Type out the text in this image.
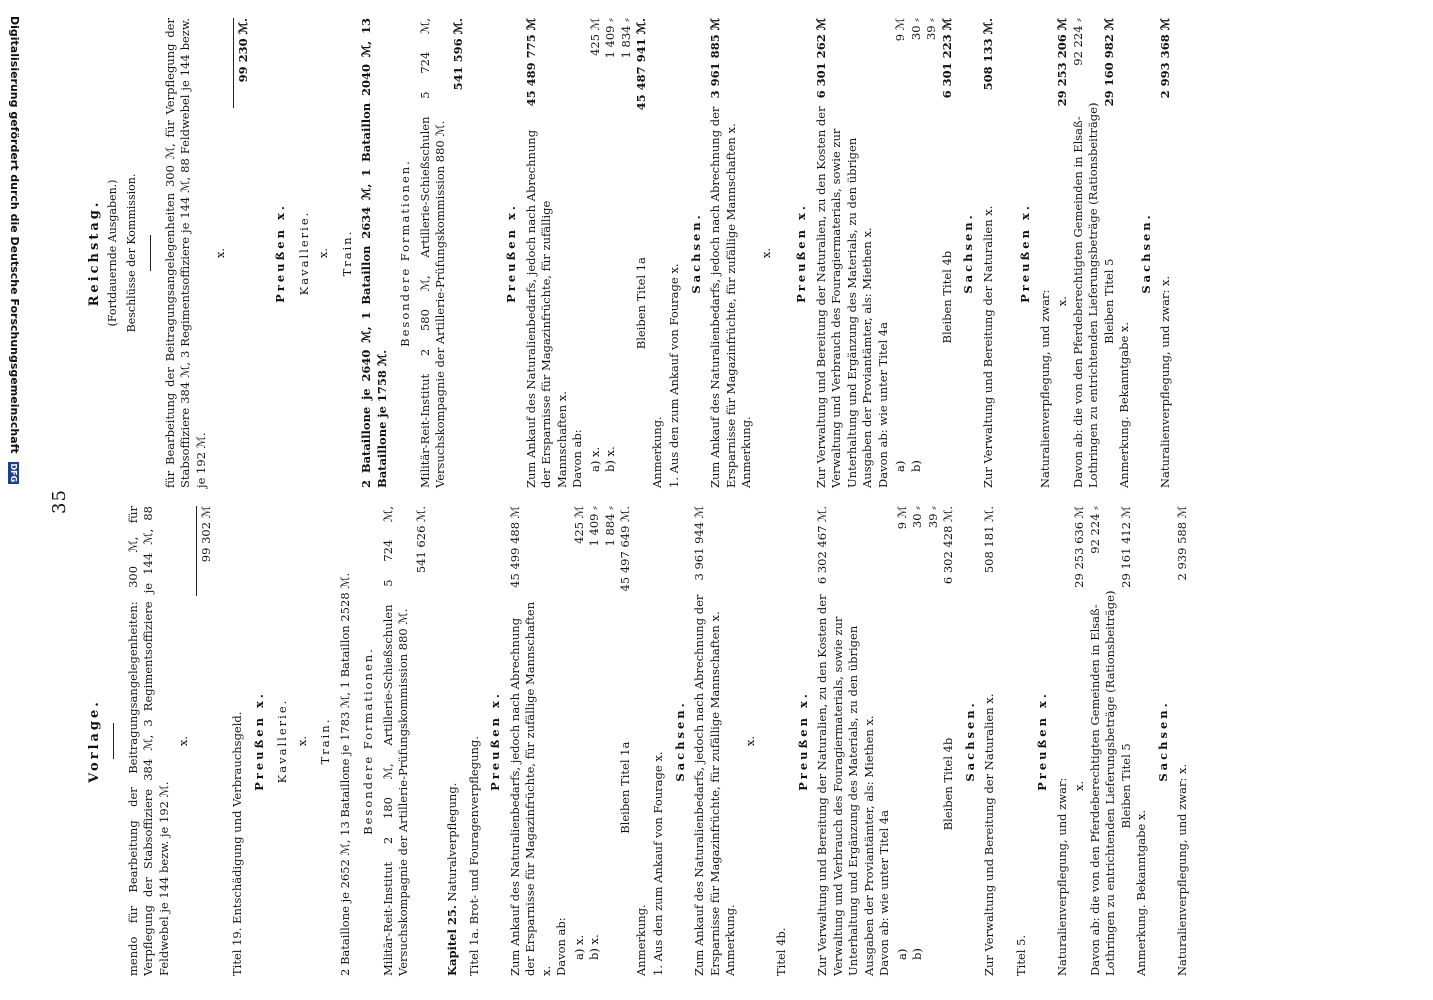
35
Vorlage. mendo für Bearbeitung der Beitragungsangelegenheiten: 300 ℳ, für Verpflegung der Stabsoffiziere 384 ℳ, 3 Regimentsoffiziere je 144 ℳ, 88 Feldwebel je 144 bezw. je 192 ℳ.

x.
99 302 ℳ
Titel 19. Entschädigung und Verbrauchsgeld. Preußen x. Kavallerie. x. Train. 2 Bataillone je 2652 ℳ, 13 Bataillone je 1783 ℳ, 1 Bataillon 2528 ℳ. Besondere Formationen. Militär-Reit-Institut 2 180 ℳ, Artillerie-Schießschulen 5 724 ℳ, Versuchskompagnie der Artillerie-Prüfungskommission 880 ℳ.

541 626 ℳ.
Kapitel 25. Naturalverpflegung. Titel 1a. Brot- und Fouragenverpflegung. Preußen x. Zum Ankauf des Naturalienbedarfs, jedoch nach Abrechnung der Ersparnisse für Magazinfrüchte, für zufällige Mannschaften x.
45 499 488 ℳ
Davon ab: a) x.
425 ℳ
b) x.
1 409 ⸗ 1 884 ⸗
Bleiben Titel 1a
45 497 649 ℳ.
Anmerkung. 1. Aus den zum Ankauf von Fourage x.
Sachsen. Zum Ankauf des Naturalienbedarfs, jedoch nach Abrechnung der Ersparnisse für Magazinfrüchte, für zufällige Mannschaften x.
3 961 944 ℳ
Anmerkung.
x.
Titel 4b.
Preußen x. Zur Verwaltung und Bereitung der Naturalien, zu den Kosten der Verwaltung und Verbrauch des Fouragiermaterials, sowie zur Unterhaltung und Ergänzung des Materials, zu den übrigen Ausgaben der Proviantämter, als: Miethen x.
6 302 467 ℳ.
Davon ab: wie unter Titel 4a a)
9 ℳ
b)
30 ⸗ 39 ⸗
Bleiben Titel 4b
6 302 428 ℳ.
Sachsen. Zur Verwaltung und Bereitung der Naturalien x.
508 181 ℳ.
Titel 5.
Preußen x.
Naturalienverpflegung, und zwar: x.
29 253 636 ℳ
Davon ab: die von den Pferdeberechtigten Gemeinden in Elsaß-Lothringen zu entrichtenden Lieferungsbeträge (Rationsbeiträge)
92 224 ⸗
Bleiben Titel 5
29 161 412 ℳ
Anmerkung. Bekanntgabe x.
Sachsen.
Naturalienverpflegung, und zwar: x.
2 939 588 ℳ
Reichstag. (Fortdauernde Ausgaben.) Beschlüsse der Kommission. für Bearbeitung der Beitragungsangelegenheiten 300 ℳ, für Verpflegung der Stabsoffiziere 384 ℳ, 3 Regimentsoffiziere je 144 ℳ, 88 Feldwebel je 144 bezw. je 192 ℳ.

x.
99 230 ℳ.
Preußen x. Kavallerie. x. Train. 2 Bataillone je 2640 ℳ, 1 Bataillon 2634 ℳ, 1 Bataillon 2040 ℳ, 13 Bataillone je 1758 ℳ.

Besondere Formationen. Militär-Reit-Institut 2 580 ℳ, Artillerie-Schießschulen 5 724 ℳ, Versuchskompagnie der Artillerie-Prüfungskommission 880 ℳ.

541 596 ℳ.
Preußen x. Zum Ankauf des Naturalienbedarfs, jedoch nach Abrechnung der Ersparnisse für Magazinfrüchte, für zufällige Mannschaften x.
45 489 775 ℳ
Davon ab: a) x.
425 ℳ
b) x.
1 409 ⸗ 1 834 ⸗
Bleiben Titel 1a
45 487 941 ℳ.
Anmerkung. 1. Aus den zum Ankauf von Fourage x.
Sachsen. Zum Ankauf des Naturalienbedarfs, jedoch nach Abrechnung der Ersparnisse für Magazinfrüchte, für zufällige Mannschaften x.
3 961 885 ℳ
Anmerkung.
x. Preußen x. Zur Verwaltung und Bereitung der Naturalien, zu den Kosten der Verwaltung und Verbrauch des Fouragiermaterials, sowie zur Unterhaltung und Ergänzung des Materials, zu den übrigen Ausgaben der Proviantämter, als: Miethen x.
6 301 262 ℳ
Davon ab: wie unter Titel 4a a)
9 ℳ
b)
30 ⸗ 39 ⸗
Bleiben Titel 4b
6 301 223 ℳ
Sachsen. Zur Verwaltung und Bereitung der Naturalien x.
508 133 ℳ.
Preußen x.
Naturalienverpflegung, und zwar: x.
29 253 206 ℳ
Davon ab: die von den Pferdeberechtigten Gemeinden in Elsaß-Lothringen zu entrichtenden Lieferungsbeträge (Rationsbeiträge)
92 224 ⸗
Bleiben Titel 5
29 160 982 ℳ
Anmerkung. Bekanntgabe x.
Sachsen.
Naturalienverpflegung, und zwar: x.
2 993 368 ℳ
Digitalisierung gefördert durch die Deutsche Forschungsgemeinschaft DFG
